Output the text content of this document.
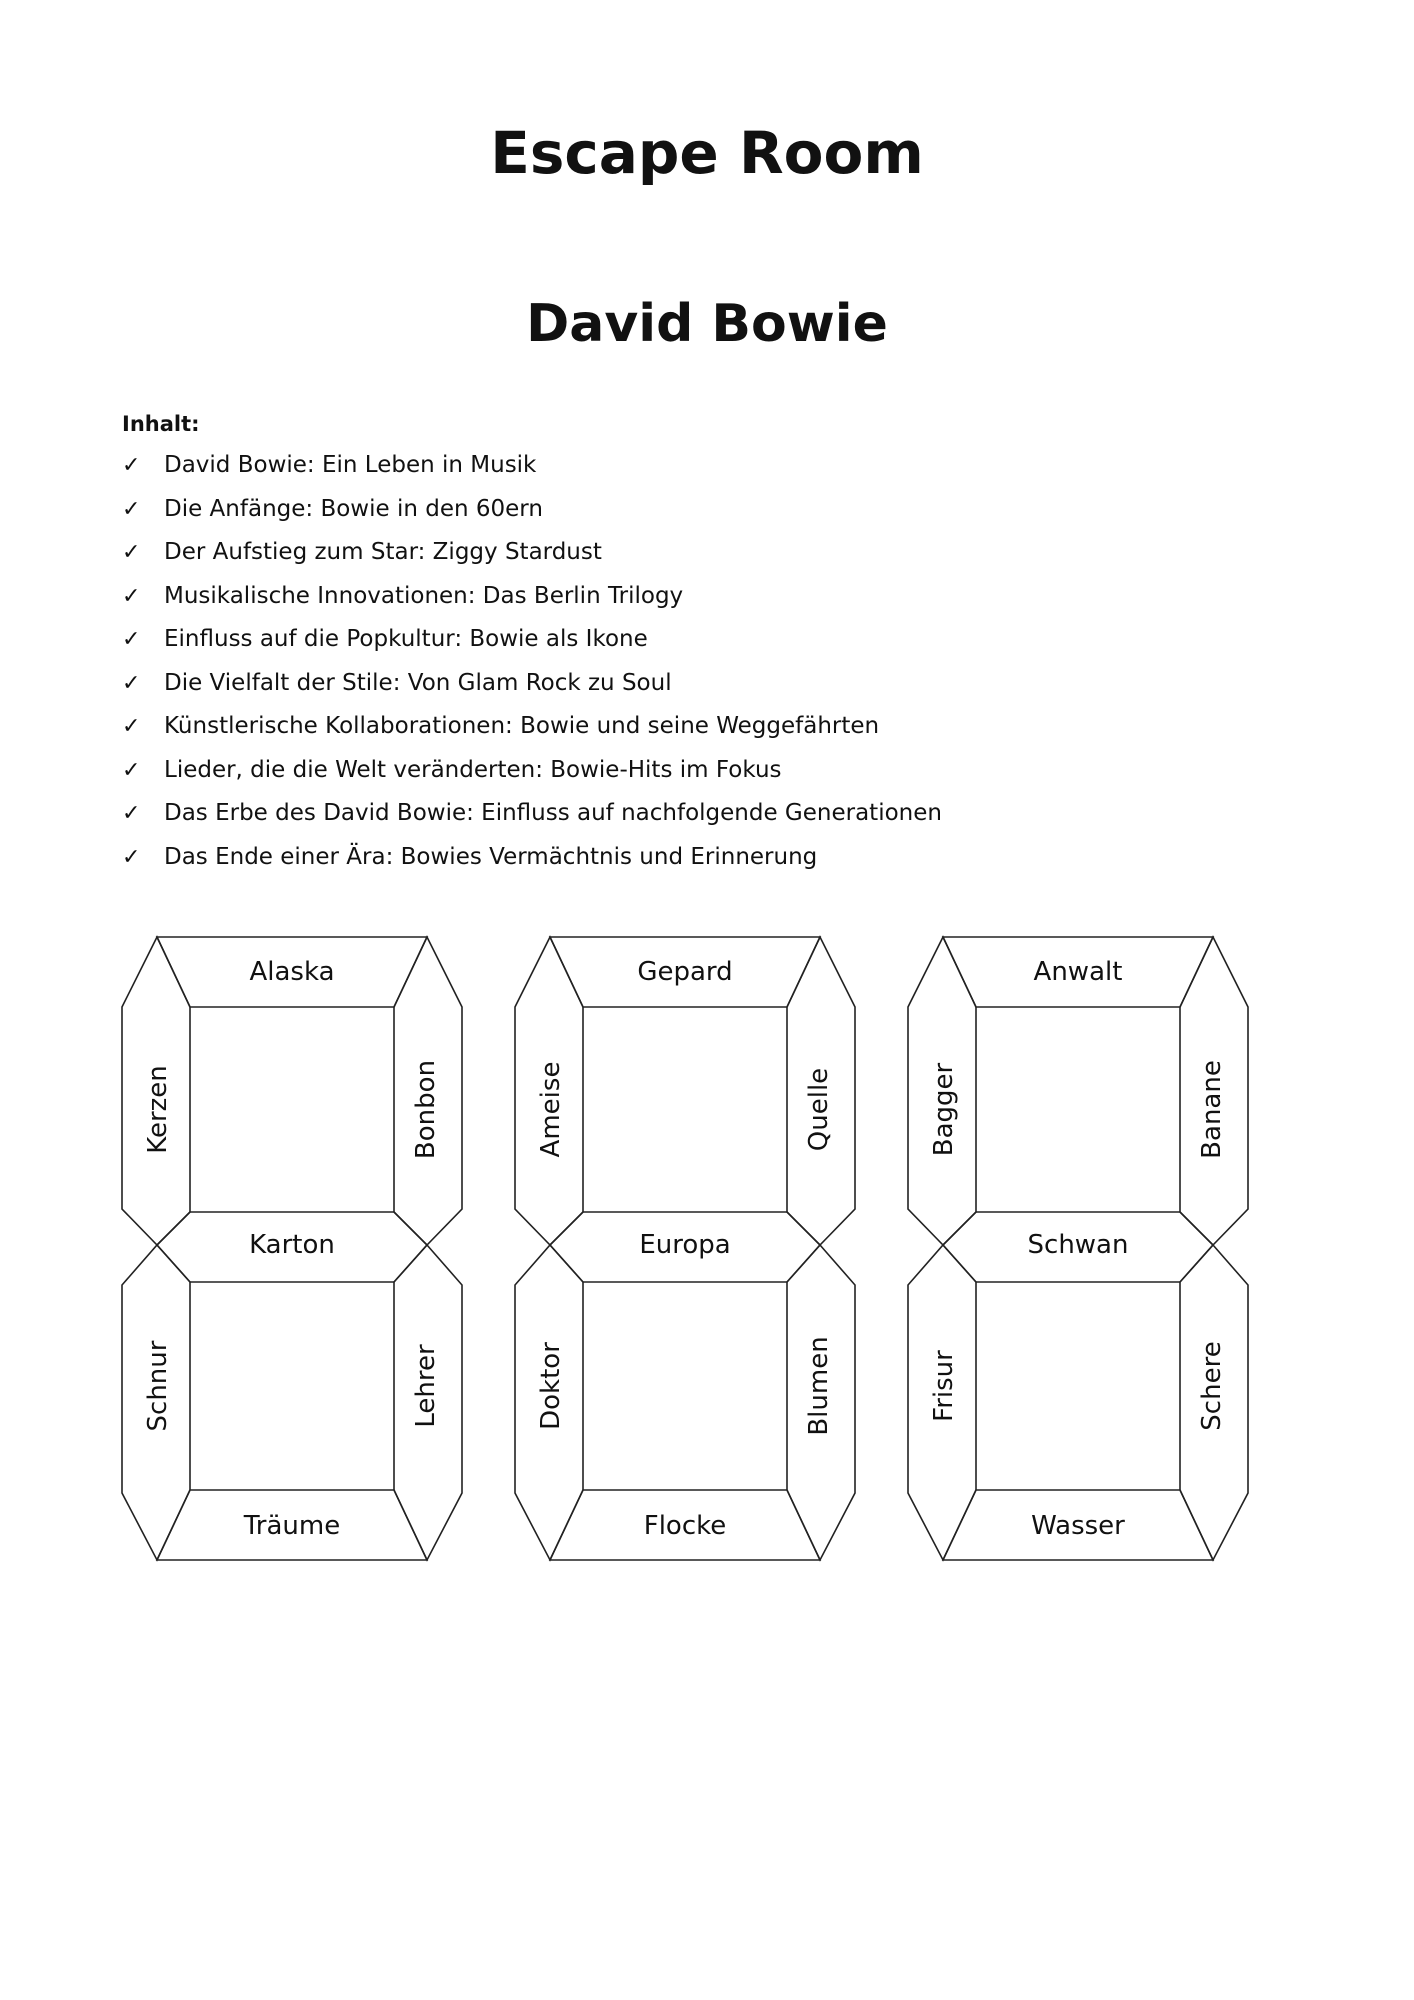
Escape Room
David Bowie
Inhalt:
✓	David Bowie: Ein Leben in Musik
✓	Die Anfänge: Bowie in den 60ern
✓	Der Aufstieg zum Star: Ziggy Stardust
✓	Musikalische Innovationen: Das Berlin Trilogy
✓	Einfluss auf die Popkultur: Bowie als Ikone
✓	Die Vielfalt der Stile: Von Glam Rock zu Soul
✓	Künstlerische Kollaborationen: Bowie und seine Weggefährten
✓	Lieder, die die Welt veränderten: Bowie-Hits im Fokus
✓	Das Erbe des David Bowie: Einfluss auf nachfolgende Generationen
✓	Das Ende einer Ära: Bowies Vermächtnis und Erinnerung
Alaska
Kerzen	Bonbon
Karton
Schnur	Lehrer
Träume
Gepard
Ameise	Quelle
Europa
Doktor	Blumen
Flocke
Anwalt
Bagger	Banane
Schwan
Frisur	Schere
Wasser
